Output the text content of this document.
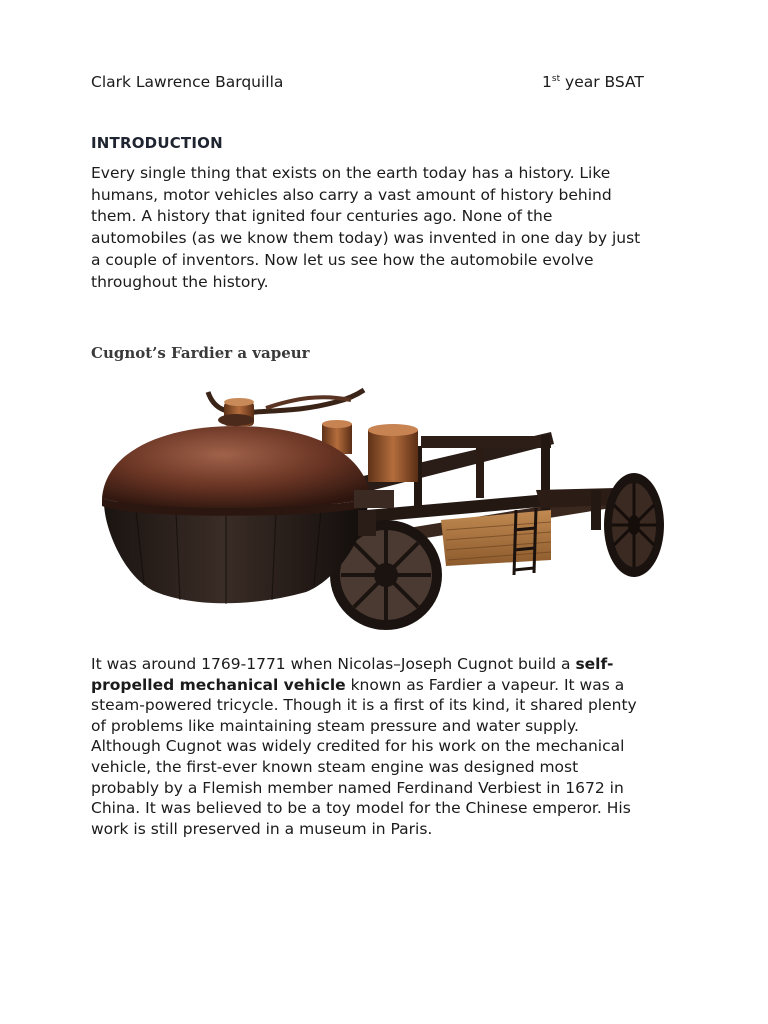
Clark Lawrence Barquilla	1st year BSAT
INTRODUCTION
Every single thing that exists on the earth today has a history. Like
humans, motor vehicles also carry a vast amount of history behind
them. A history that ignited four centuries ago. None of the
automobiles (as we know them today) was invented in one day by just
a couple of inventors. Now let us see how the automobile evolve
throughout the history.
Cugnot’s Fardier a vapeur
It was around 1769-1771 when Nicolas–Joseph Cugnot build a self-
propelled mechanical vehicle known as Fardier a vapeur. It was a
steam-powered tricycle. Though it is a first of its kind, it shared plenty
of problems like maintaining steam pressure and water supply.
Although Cugnot was widely credited for his work on the mechanical
vehicle, the first-ever known steam engine was designed most
probably by a Flemish member named Ferdinand Verbiest in 1672 in
China. It was believed to be a toy model for the Chinese emperor. His
work is still preserved in a museum in Paris.
